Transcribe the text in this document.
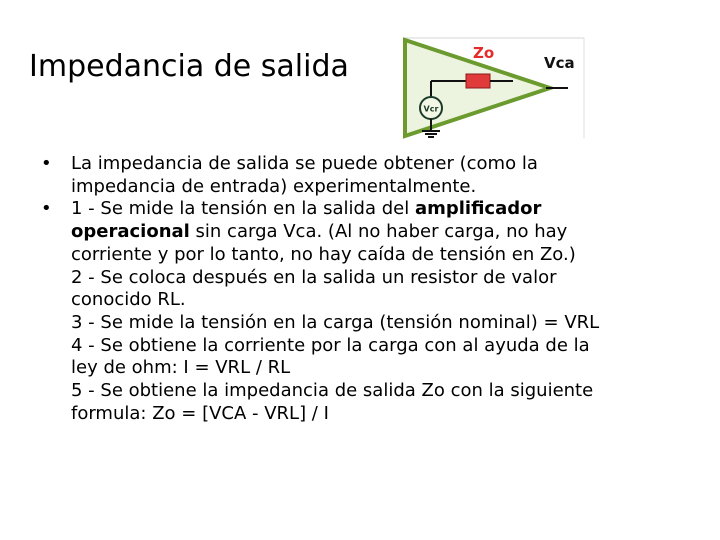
Impedancia de salida
Vcr
Zo
Vca
• La impedancia de salida se puede obtener (como la
impedancia de entrada) experimentalmente.
• 1 - Se mide la tensión en la salida del amplificador
operacional sin carga Vca. (Al no haber carga, no hay
corriente y por lo tanto, no hay caída de tensión en Zo.)
2 - Se coloca después en la salida un resistor de valor
conocido RL.
3 - Se mide la tensión en la carga (tensión nominal) = VRL
4 - Se obtiene la corriente por la carga con al ayuda de la
ley de ohm: I = VRL / RL
5 - Se obtiene la impedancia de salida Zo con la siguiente
formula: Zo = [VCA - VRL] / I
